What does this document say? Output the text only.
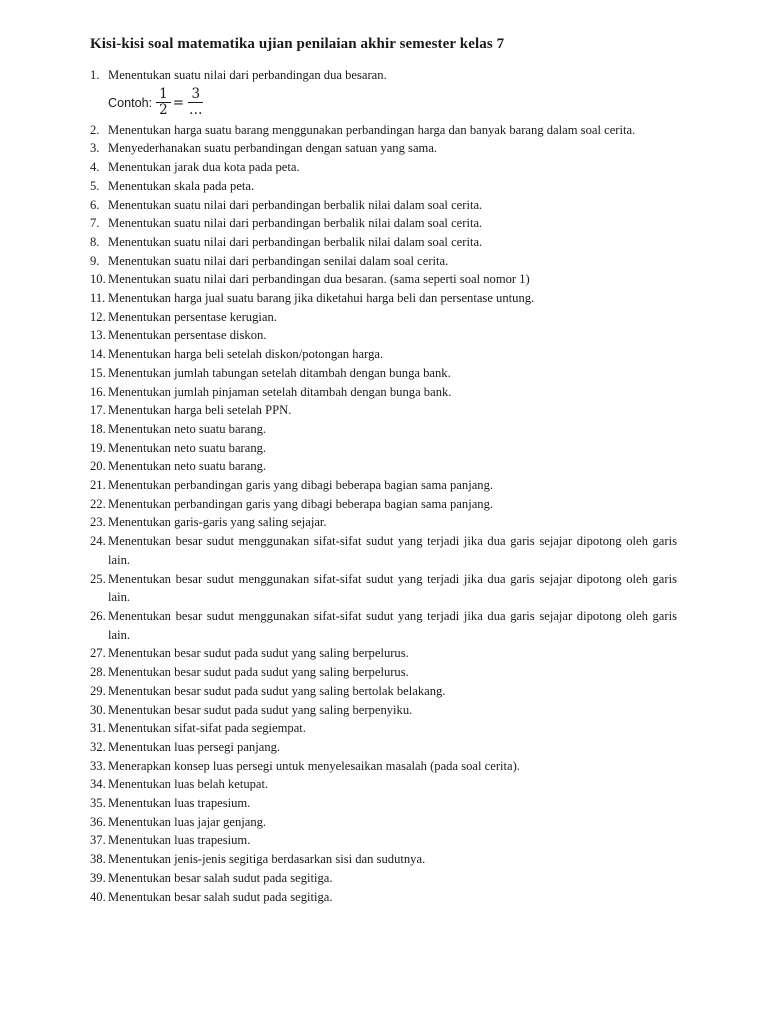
Kisi-kisi soal matematika ujian penilaian akhir semester kelas 7
1. Menentukan suatu nilai dari perbandingan dua besaran.
Contoh: $\frac{1}{2} = \frac{3}{\dots}$
2. Menentukan harga suatu barang menggunakan perbandingan harga dan banyak barang dalam soal cerita.
3. Menyederhanakan suatu perbandingan dengan satuan yang sama.
4. Menentukan jarak dua kota pada peta.
5. Menentukan skala pada peta.
6. Menentukan suatu nilai dari perbandingan berbalik nilai dalam soal cerita.
7. Menentukan suatu nilai dari perbandingan berbalik nilai dalam soal cerita.
8. Menentukan suatu nilai dari perbandingan berbalik nilai dalam soal cerita.
9. Menentukan suatu nilai dari perbandingan senilai dalam soal cerita.
10. Menentukan suatu nilai dari perbandingan dua besaran. (sama seperti soal nomor 1)
11. Menentukan harga jual suatu barang jika diketahui harga beli dan persentase untung.
12. Menentukan persentase kerugian.
13. Menentukan persentase diskon.
14. Menentukan harga beli setelah diskon/potongan harga.
15. Menentukan jumlah tabungan setelah ditambah dengan bunga bank.
16. Menentukan jumlah pinjaman setelah ditambah dengan bunga bank.
17. Menentukan harga beli setelah PPN.
18. Menentukan neto suatu barang.
19. Menentukan neto suatu barang.
20. Menentukan neto suatu barang.
21. Menentukan perbandingan garis yang dibagi beberapa bagian sama panjang.
22. Menentukan perbandingan garis yang dibagi beberapa bagian sama panjang.
23. Menentukan garis-garis yang saling sejajar.
24. Menentukan besar sudut menggunakan sifat-sifat sudut yang terjadi jika dua garis sejajar dipotong oleh garis lain.
25. Menentukan besar sudut menggunakan sifat-sifat sudut yang terjadi jika dua garis sejajar dipotong oleh garis lain.
26. Menentukan besar sudut menggunakan sifat-sifat sudut yang terjadi jika dua garis sejajar dipotong oleh garis lain.
27. Menentukan besar sudut pada sudut yang saling berpelurus.
28. Menentukan besar sudut pada sudut yang saling berpelurus.
29. Menentukan besar sudut pada sudut yang saling bertolak belakang.
30. Menentukan besar sudut pada sudut yang saling berpenyiku.
31. Menentukan sifat-sifat pada segiempat.
32. Menentukan luas persegi panjang.
33. Menerapkan konsep luas persegi untuk menyelesaikan masalah (pada soal cerita).
34. Menentukan luas belah ketupat.
35. Menentukan luas trapesium.
36. Menentukan luas jajar genjang.
37. Menentukan luas trapesium.
38. Menentukan jenis-jenis segitiga berdasarkan sisi dan sudutnya.
39. Menentukan besar salah sudut pada segitiga.
40. Menentukan besar salah sudut pada segitiga.
